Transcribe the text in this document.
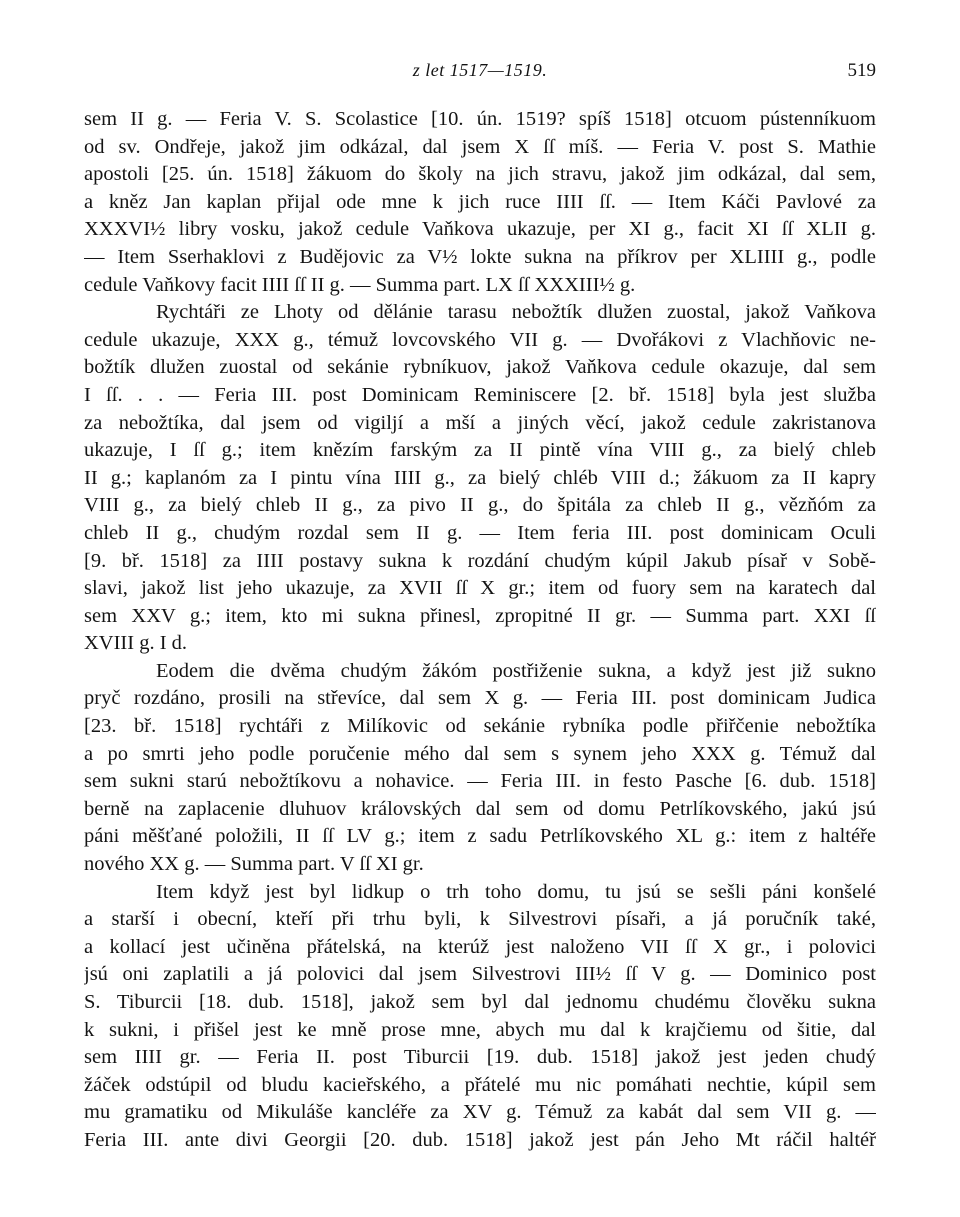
z let 1517—1519.	519
sem II g. — Feria V. S. Scolastice [10. ún. 1519? spíš 1518] otcuom pústenníkuom
od sv. Ondřeje, jakož jim odkázal, dal jsem X ſſ míš. — Feria V. post S. Mathie
apostoli [25. ún. 1518] žákuom do školy na jich stravu, jakož jim odkázal, dal sem,
a kněz Jan kaplan přijal ode mne k jich ruce IIII ſſ. — Item Káči Pavlové za
XXXVI½ libry vosku, jakož cedule Vaňkova ukazuje, per XI g., facit XI ſſ XLII g.
— Item Sserhaklovi z Budějovic za V½ lokte sukna na příkrov per XLIIII g., podle
cedule Vaňkovy facit IIII ſſ II g. — Summa part. LX ſſ XXXIII½ g.
Rychtáři ze Lhoty od dělánie tarasu nebožtík dlužen zuostal, jakož Vaňkova
cedule ukazuje, XXX g., témuž lovcovského VII g. — Dvořákovi z Vlachňovic ne-
božtík dlužen zuostal od sekánie rybníkuov, jakož Vaňkova cedule okazuje, dal sem
I ſſ. . . — Feria III. post Dominicam Reminiscere [2. bř. 1518] byla jest služba
za nebožtíka, dal jsem od vigiljí a mší a jiných věcí, jakož cedule zakristanova
ukazuje, I ſſ g.; item knězím farským za II pintě vína VIII g., za bielý chleb
II g.; kaplanóm za I pintu vína IIII g., za bielý chléb VIII d.; žákuom za II kapry
VIII g., za bielý chleb II g., za pivo II g., do špitála za chleb II g., vězňóm za
chleb II g., chudým rozdal sem II g. — Item feria III. post dominicam Oculi
[9. bř. 1518] za IIII postavy sukna k rozdání chudým kúpil Jakub písař v Sobě-
slavi, jakož list jeho ukazuje, za XVII ſſ X gr.; item od fuory sem na karatech dal
sem XXV g.; item, kto mi sukna přinesl, zpropitné II gr. — Summa part. XXI ſſ
XVIII g. I d.
Eodem die dvěma chudým žákóm postřiženie sukna, a když jest již sukno
pryč rozdáno, prosili na střevíce, dal sem X g. — Feria III. post dominicam Judica
[23. bř. 1518] rychtáři z Milíkovic od sekánie rybníka podle přiřčenie nebožtíka
a po smrti jeho podle poručenie mého dal sem s synem jeho XXX g. Témuž dal
sem sukni starú nebožtíkovu a nohavice. — Feria III. in festo Pasche [6. dub. 1518]
berně na zaplacenie dluhuov královských dal sem od domu Petrlíkovského, jakú jsú
páni měšťané položili, II ſſ LV g.; item z sadu Petrlíkovského XL g.: item z haltéře
nového XX g. — Summa part. V ſſ XI gr.
Item když jest byl lidkup o trh toho domu, tu jsú se sešli páni konšelé
a starší i obecní, kteří při trhu byli, k Silvestrovi písaři, a já poručník také,
a kollací jest učiněna přátelská, na kterúž jest naloženo VII ſſ X gr., i polovici
jsú oni zaplatili a já polovici dal jsem Silvestrovi III½ ſſ V g. — Dominico post
S. Tiburcii [18. dub. 1518], jakož sem byl dal jednomu chudému člověku sukna
k sukni, i přišel jest ke mně prose mne, abych mu dal k krajčiemu od šitie, dal
sem IIII gr. — Feria II. post Tiburcii [19. dub. 1518] jakož jest jeden chudý
žáček odstúpil od bludu kacieřského, a přátelé mu nic pomáhati nechtie, kúpil sem
mu gramatiku od Mikuláše kancléře za XV g. Témuž za kabát dal sem VII g. —
Feria III. ante divi Georgii [20. dub. 1518] jakož jest pán Jeho Mt ráčil haltéř
